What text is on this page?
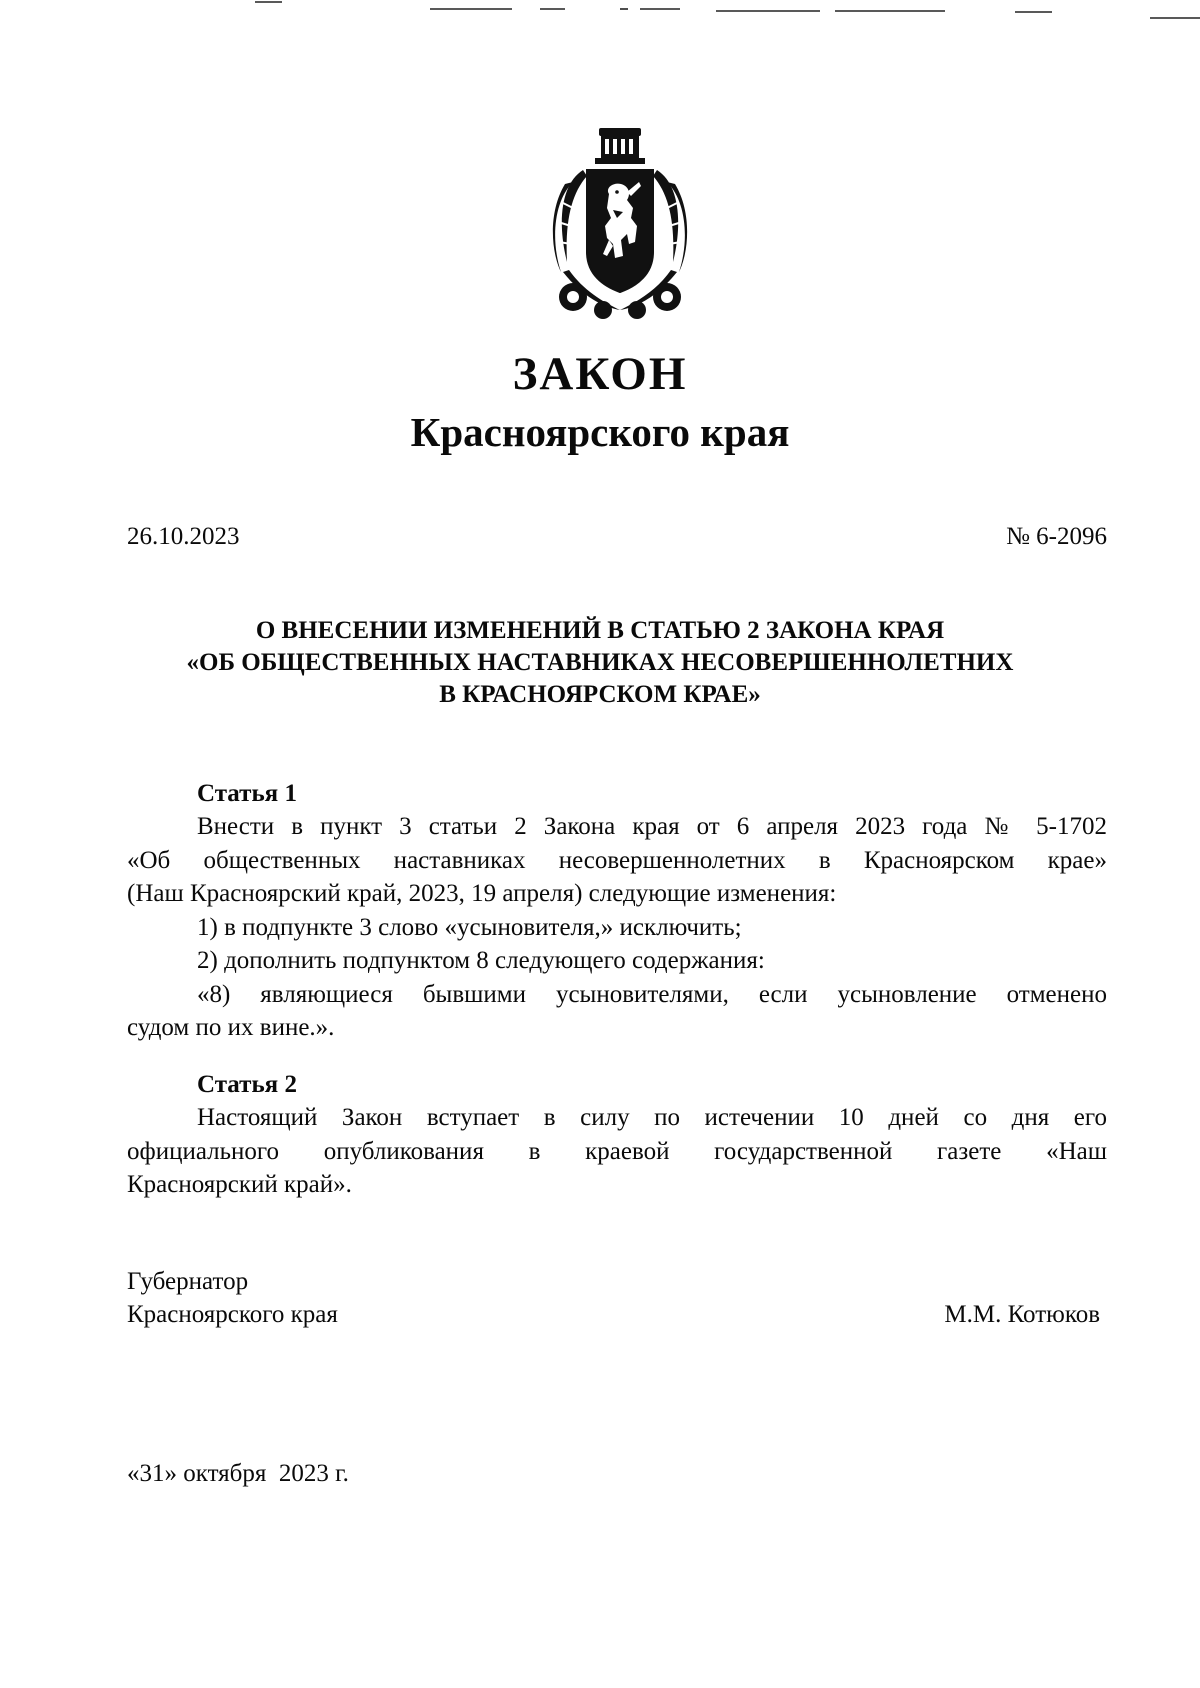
ЗАКОН
Красноярского края
26.10.2023	№ 6-2096
О ВНЕСЕНИИ ИЗМЕНЕНИЙ В СТАТЬЮ 2 ЗАКОНА КРАЯ
«ОБ ОБЩЕСТВЕННЫХ НАСТАВНИКАХ НЕСОВЕРШЕННОЛЕТНИХ
В КРАСНОЯРСКОМ КРАЕ»
Статья 1
Внести в пункт 3 статьи 2 Закона края от 6 апреля 2023 года № 5-1702
«Об общественных наставниках несовершеннолетних в Красноярском крае»
(Наш Красноярский край, 2023, 19 апреля) следующие изменения:
1) в подпункте 3 слово «усыновителя,» исключить;
2) дополнить подпунктом 8 следующего содержания:
«8) являющиеся бывшими усыновителями, если усыновление отменено
судом по их вине.».
Статья 2
Настоящий Закон вступает в силу по истечении 10 дней со дня его
официального опубликования в краевой государственной газете «Наш
Красноярский край».
Губернатор
Красноярского края	М.М. Котюков
«31» октября  2023 г.
